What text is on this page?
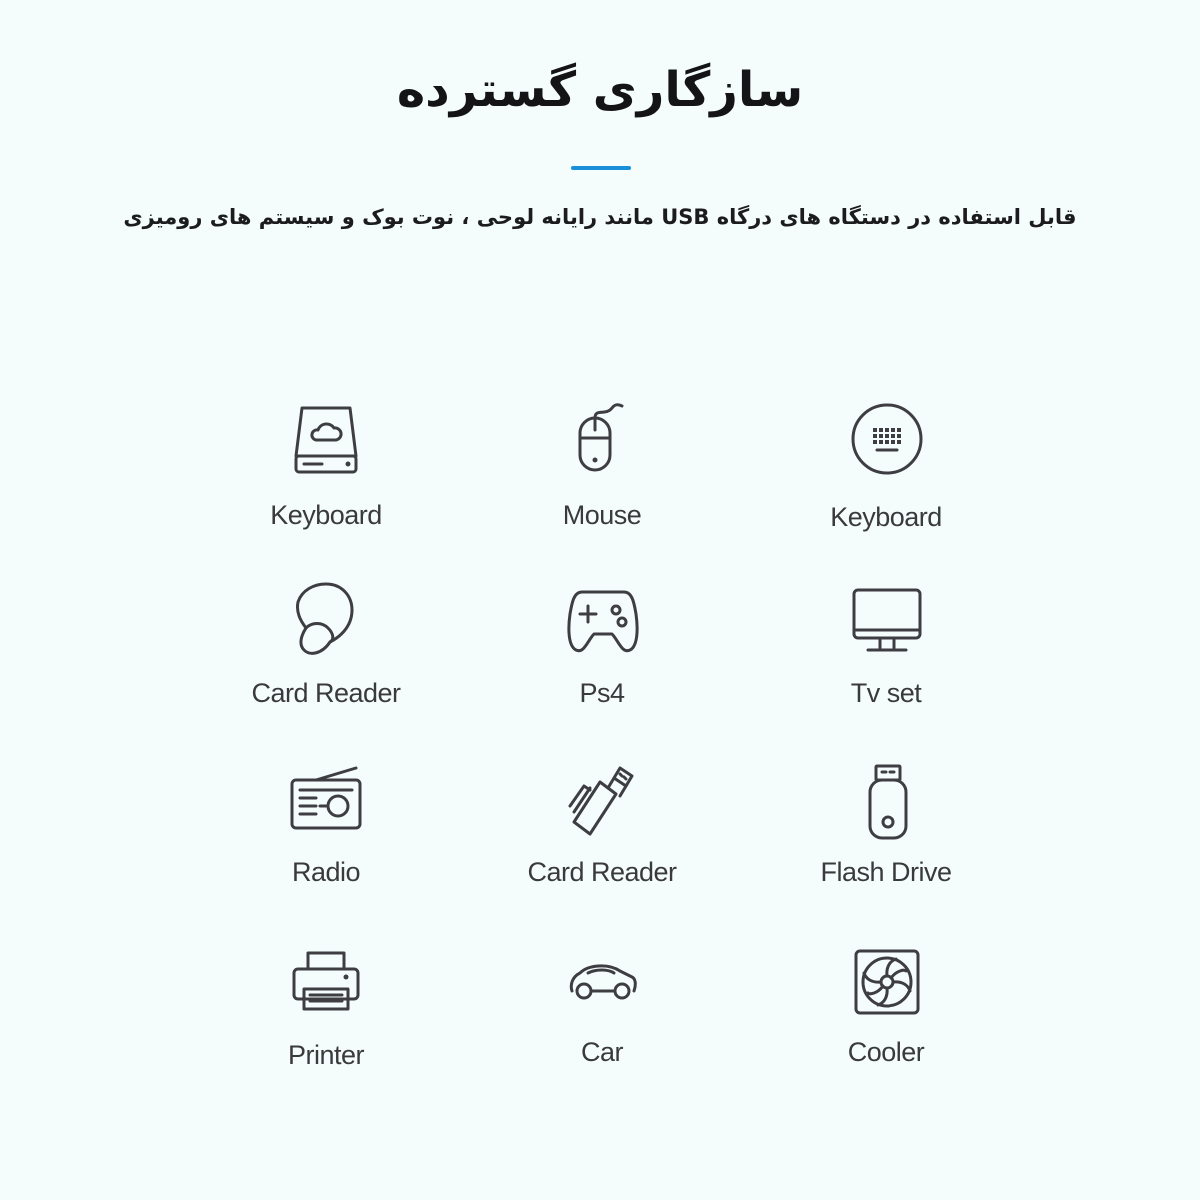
سازگاری گسترده
قابل استفاده در دستگاه های درگاه USB مانند رایانه لوحی ، نوت بوک و سیستم های رومیزی
Keyboard	Mouse	Keyboard
Card Reader	Ps4	Tv set
Radio	Card Reader	Flash Drive
Printer	Car	Cooler
